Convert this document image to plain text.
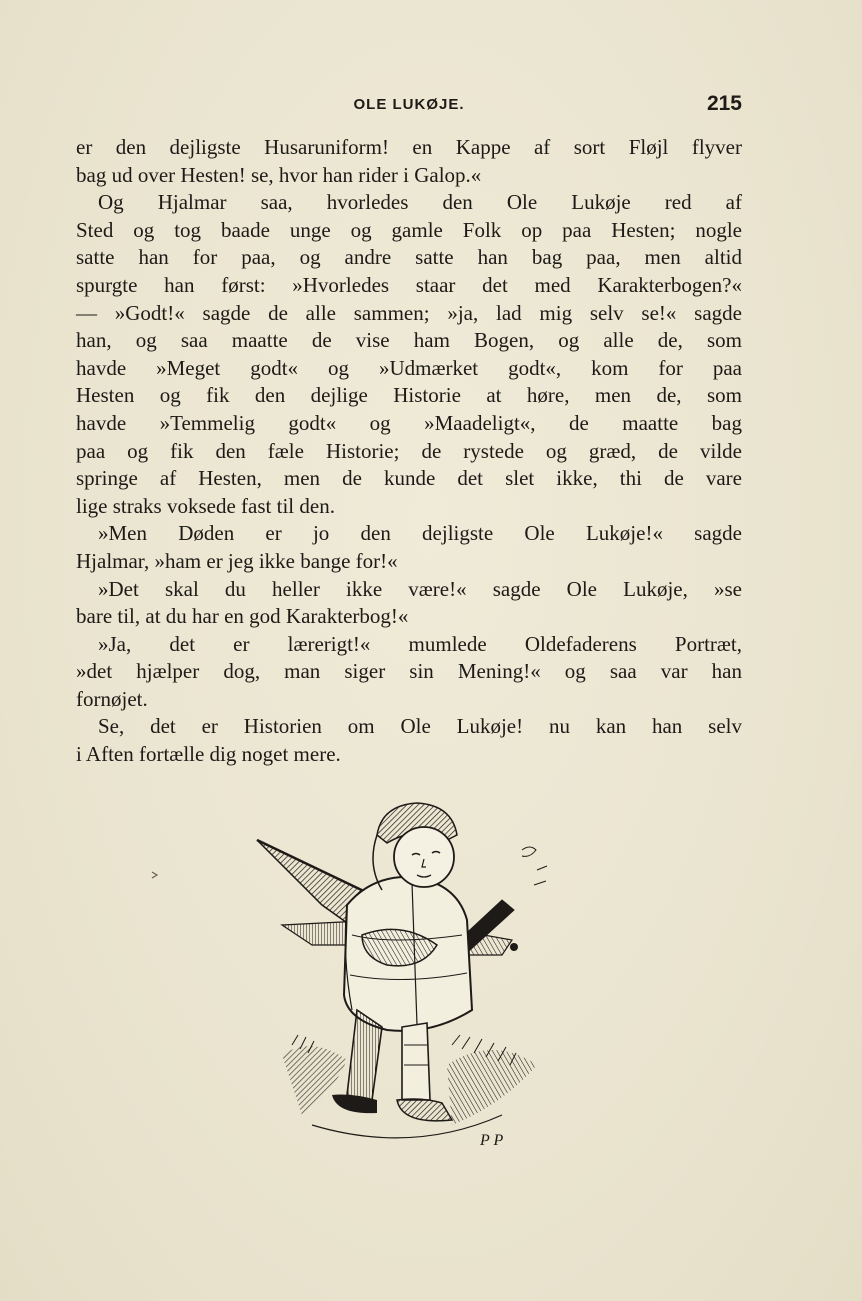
OLE LUKØJE.	215
er den dejligste Husaruniform! en Kappe af sort Fløjl flyver
bag ud over Hesten! se, hvor han rider i Galop.«
Og Hjalmar saa, hvorledes den Ole Lukøje red af
Sted og tog baade unge og gamle Folk op paa Hesten; nogle
satte han for paa, og andre satte han bag paa, men altid
spurgte han først: »Hvorledes staar det med Karakterbogen?«
— »Godt!« sagde de alle sammen; »ja, lad mig selv se!« sagde
han, og saa maatte de vise ham Bogen, og alle de, som
havde »Meget godt« og »Udmærket godt«, kom for paa
Hesten og fik den dejlige Historie at høre, men de, som
havde »Temmelig godt« og »Maadeligt«, de maatte bag
paa og fik den fæle Historie; de rystede og græd, de vilde
springe af Hesten, men de kunde det slet ikke, thi de vare
lige straks voksede fast til den.
»Men Døden er jo den dejligste Ole Lukøje!« sagde
Hjalmar, »ham er jeg ikke bange for!«
»Det skal du heller ikke være!« sagde Ole Lukøje, »se
bare til, at du har en god Karakterbog!«
»Ja, det er lærerigt!« mumlede Oldefaderens Portræt,
»det hjælper dog, man siger sin Mening!« og saa var han
fornøjet.
Se, det er Historien om Ole Lukøje! nu kan han selv
i Aften fortælle dig noget mere.
P P
